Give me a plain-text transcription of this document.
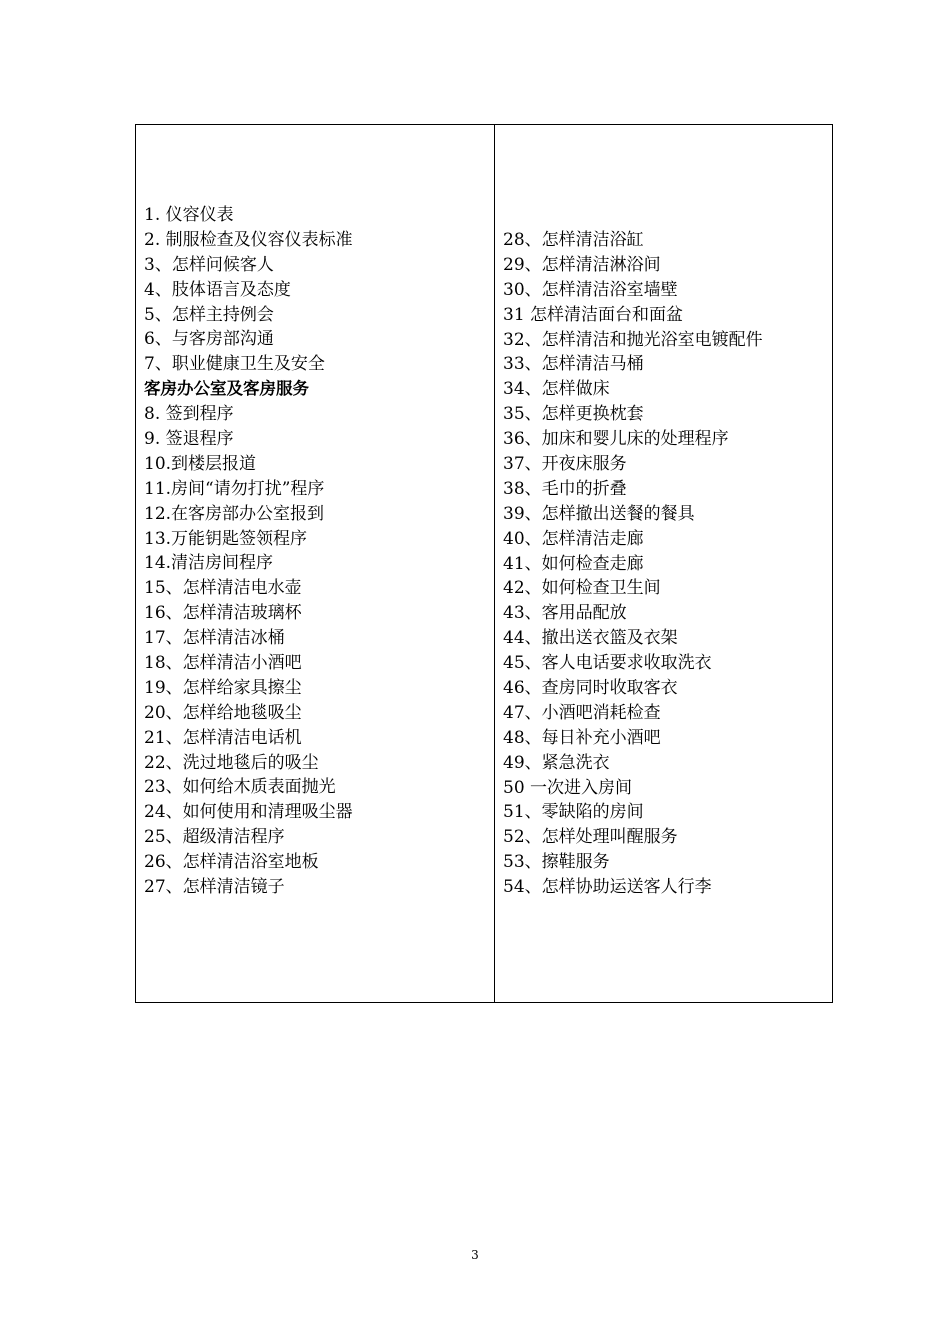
1. 仪容仪表
2. 制服检查及仪容仪表标准
3、怎样问候客人
4、肢体语言及态度
5、怎样主持例会
6、与客房部沟通
7、职业健康卫生及安全
客房办公室及客房服务
8. 签到程序
9. 签退程序
10.到楼层报道
11.房间“请勿打扰”程序
12.在客房部办公室报到
13.万能钥匙签领程序
14.清洁房间程序
15、怎样清洁电水壶
16、怎样清洁玻璃杯
17、怎样清洁冰桶
18、怎样清洁小酒吧
19、怎样给家具擦尘
20、怎样给地毯吸尘
21、怎样清洁电话机
22、洗过地毯后的吸尘
23、如何给木质表面抛光
24、如何使用和清理吸尘器
25、超级清洁程序
26、怎样清洁浴室地板
27、怎样清洁镜子
28、怎样清洁浴缸
29、怎样清洁淋浴间
30、怎样清洁浴室墙壁
31 怎样清洁面台和面盆
32、怎样清洁和抛光浴室电镀配件
33、怎样清洁马桶
34、怎样做床
35、怎样更换枕套
36、加床和婴儿床的处理程序
37、开夜床服务
38、毛巾的折叠
39、怎样撤出送餐的餐具
40、怎样清洁走廊
41、如何检查走廊
42、如何检查卫生间
43、客用品配放
44、撤出送衣篮及衣架
45、客人电话要求收取洗衣
46、查房同时收取客衣
47、小酒吧消耗检查
48、每日补充小酒吧
49、紧急洗衣
50 一次进入房间
51、零缺陷的房间
52、怎样处理叫醒服务
53、擦鞋服务
54、怎样协助运送客人行李
3
